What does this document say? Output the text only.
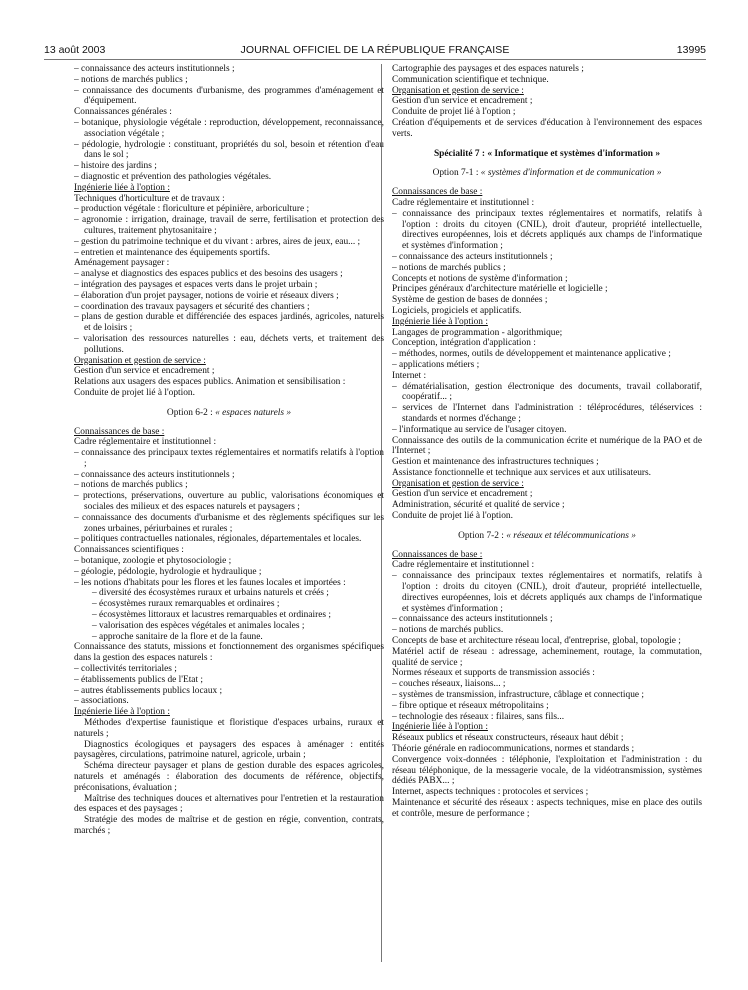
13 août 2003	JOURNAL OFFICIEL DE LA RÉPUBLIQUE FRANÇAISE	13995

– connaissance des acteurs institutionnels ;

– notions de marchés publics ;

– connaissance des documents d'urbanisme, des programmes d'aménagement et d'équipement.

Connaissances générales :

– botanique, physiologie végétale : reproduction, développement, reconnaissance, association végétale ;

– pédologie, hydrologie : constituant, propriétés du sol, besoin et rétention d'eau dans le sol ;

– histoire des jardins ;

– diagnostic et prévention des pathologies végétales.

Ingénierie liée à l'option :

Techniques d'horticulture et de travaux :

– production végétale : floriculture et pépinière, arboriculture ;

– agronomie : irrigation, drainage, travail de serre, fertilisation et protection des cultures, traitement phytosanitaire ;

– gestion du patrimoine technique et du vivant : arbres, aires de jeux, eau... ;

– entretien et maintenance des équipements sportifs.

Aménagement paysager :

– analyse et diagnostics des espaces publics et des besoins des usagers ;

– intégration des paysages et espaces verts dans le projet urbain ;

– élaboration d'un projet paysager, notions de voirie et réseaux divers ;

– coordination des travaux paysagers et sécurité des chantiers ;

– plans de gestion durable et différenciée des espaces jardinés, agricoles, naturels et de loisirs ;

– valorisation des ressources naturelles : eau, déchets verts, et traitement des pollutions.

Organisation et gestion de service :

Gestion d'un service et encadrement ;

Relations aux usagers des espaces publics. Animation et sensibilisation :

Conduite de projet lié à l'option.

Option 6-2 : « espaces naturels »

Connaissances de base :

Cadre réglementaire et institutionnel :

– connaissance des principaux textes réglementaires et normatifs relatifs à l'option ;

– connaissance des acteurs institutionnels ;

– notions de marchés publics ;

– protections, préservations, ouverture au public, valorisations économiques et sociales des milieux et des espaces naturels et paysagers ;

– connaissance des documents d'urbanisme et des règlements spécifiques sur les zones urbaines, périurbaines et rurales ;

– politiques contractuelles nationales, régionales, départementales et locales.

Connaissances scientifiques :

– botanique, zoologie et phytosociologie ;

– géologie, pédologie, hydrologie et hydraulique ;

– les notions d'habitats pour les flores et les faunes locales et importées :

– diversité des écosystèmes ruraux et urbains naturels et créés ;

– écosystèmes ruraux remarquables et ordinaires ;

– écosystèmes littoraux et lacustres remarquables et ordinaires ;

– valorisation des espèces végétales et animales locales ;

– approche sanitaire de la flore et de la faune.

Connaissance des statuts, missions et fonctionnement des organismes spécifiques dans la gestion des espaces naturels :

– collectivités territoriales ;

– établissements publics de l'Etat ;

– autres établissements publics locaux ;

– associations.

Ingénierie liée à l'option :

Méthodes d'expertise faunistique et floristique d'espaces urbains, ruraux et naturels ;

Diagnostics écologiques et paysagers des espaces à aménager : entités paysagères, circulations, patrimoine naturel, agricole, urbain ;

Schéma directeur paysager et plans de gestion durable des espaces agricoles, naturels et aménagés : élaboration des documents de référence, objectifs, préconisations, évaluation ;

Maîtrise des techniques douces et alternatives pour l'entretien et la restauration des espaces et des paysages ;

Stratégie des modes de maîtrise et de gestion en régie, convention, contrats, marchés ;

Cartographie des paysages et des espaces naturels ;

Communication scientifique et technique.

Organisation et gestion de service :

Gestion d'un service et encadrement ;

Conduite de projet lié à l'option ;

Création d'équipements et de services d'éducation à l'environnement des espaces verts.

Spécialité 7 : « Informatique et systèmes d'information »

Option 7-1 : « systèmes d'information et de communication »

Connaissances de base :

Cadre réglementaire et institutionnel :

– connaissance des principaux textes réglementaires et normatifs, relatifs à l'option : droits du citoyen (CNIL), droit d'auteur, propriété intellectuelle, directives européennes, lois et décrets appliqués aux champs de l'informatique et systèmes d'information ;

– connaissance des acteurs institutionnels ;

– notions de marchés publics ;

Concepts et notions de système d'information ;

Principes généraux d'architecture matérielle et logicielle ;

Système de gestion de bases de données ;

Logiciels, progiciels et applicatifs.

Ingénierie liée à l'option :

Langages de programmation - algorithmique;

Conception, intégration d'application :

– méthodes, normes, outils de développement et maintenance applicative ;

– applications métiers ;

Internet :

– dématérialisation, gestion électronique des documents, travail collaboratif, coopératif... ;

– services de l'Internet dans l'administration : téléprocédures, téléservices : standards et normes d'échange ;

– l'informatique au service de l'usager citoyen.

Connaissance des outils de la communication écrite et numérique de la PAO et de l'Internet ;

Gestion et maintenance des infrastructures techniques ;

Assistance fonctionnelle et technique aux services et aux utilisateurs.

Organisation et gestion de service :

Gestion d'un service et encadrement ;

Administration, sécurité et qualité de service ;

Conduite de projet lié à l'option.

Option 7-2 : « réseaux et télécommunications »

Connaissances de base :

Cadre réglementaire et institutionnel :

– connaissance des principaux textes réglementaires et normatifs, relatifs à l'option : droits du citoyen (CNIL), droit d'auteur, propriété intellectuelle, directives européennes, lois et décrets appliqués aux champs de l'informatique et systèmes d'information ;

– connaissance des acteurs institutionnels ;

– notions de marchés publics.

Concepts de base et architecture réseau local, d'entreprise, global, topologie ;

Matériel actif de réseau : adressage, acheminement, routage, la commutation, qualité de service ;

Normes réseaux et supports de transmission associés :

– couches réseaux, liaisons... ;

– systèmes de transmission, infrastructure, câblage et connectique ;

– fibre optique et réseaux métropolitains ;

– technologie des réseaux : filaires, sans fils...

Ingénierie liée à l'option :

Réseaux publics et réseaux constructeurs, réseaux haut débit ;

Théorie générale en radiocommunications, normes et standards ;

Convergence voix-données : téléphonie, l'exploitation et l'administration : du réseau téléphonique, de la messagerie vocale, de la vidéotransmission, systèmes dédiés PABX... ;

Internet, aspects techniques : protocoles et services ;

Maintenance et sécurité des réseaux : aspects techniques, mise en place des outils et contrôle, mesure de performance ;
